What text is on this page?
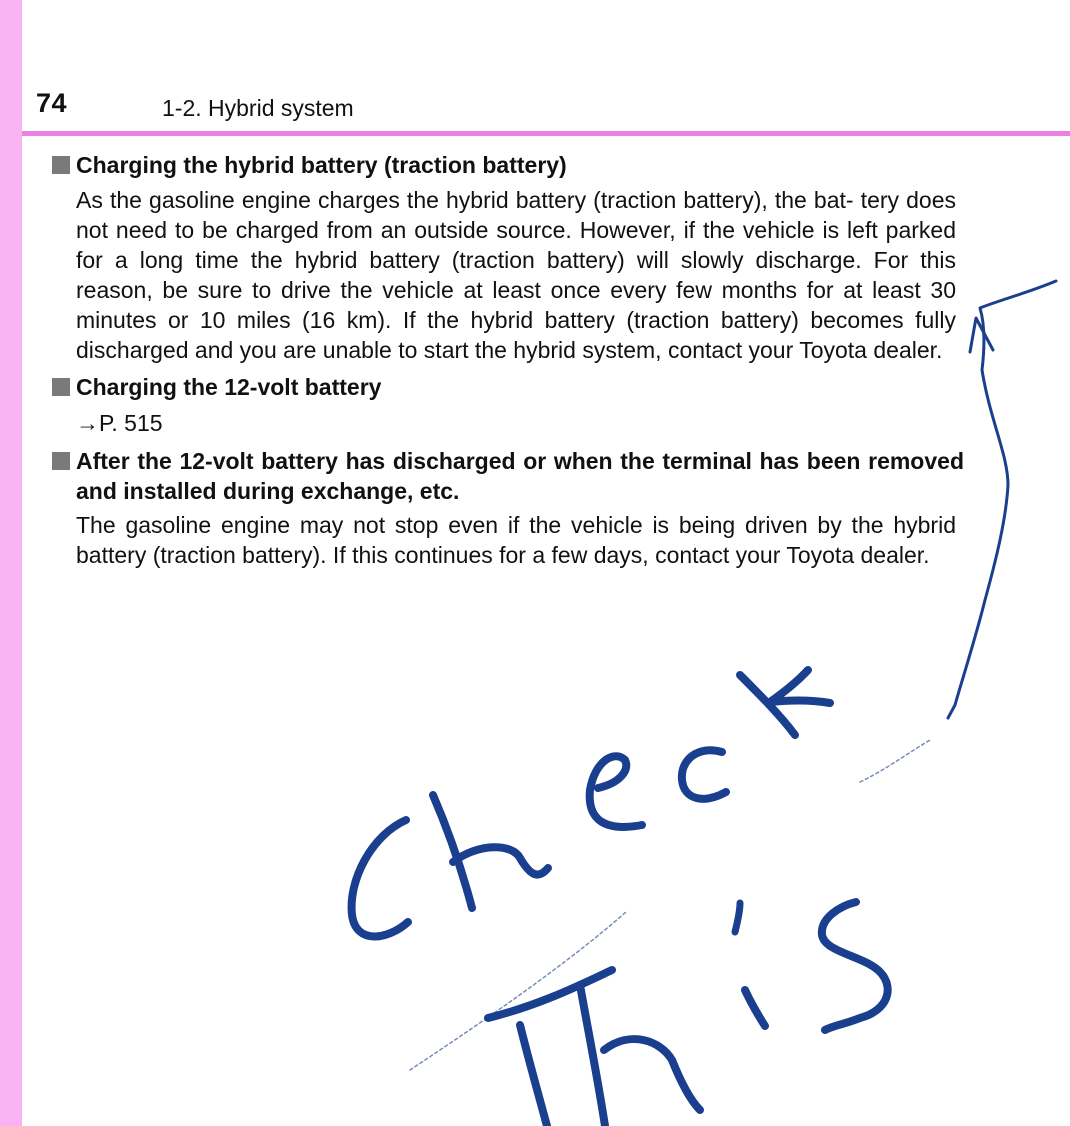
74	1-2. Hybrid system
Charging the hybrid battery (traction battery)
As the gasoline engine charges the hybrid battery (traction battery), the bat- tery does not need to be charged from an outside source. However, if the vehicle is left parked for a long time the hybrid battery (traction battery) will slowly discharge. For this reason, be sure to drive the vehicle at least once every few months for at least 30 minutes or 10 miles (16 km). If the hybrid battery (traction battery) becomes fully discharged and you are unable to start the hybrid system, contact your Toyota dealer.
Charging the 12-volt battery
→P. 515
After the 12-volt battery has discharged or when the terminal has been removed and installed during exchange, etc.
The gasoline engine may not stop even if the vehicle is being driven by the hybrid battery (traction battery). If this continues for a few days, contact your Toyota dealer.
